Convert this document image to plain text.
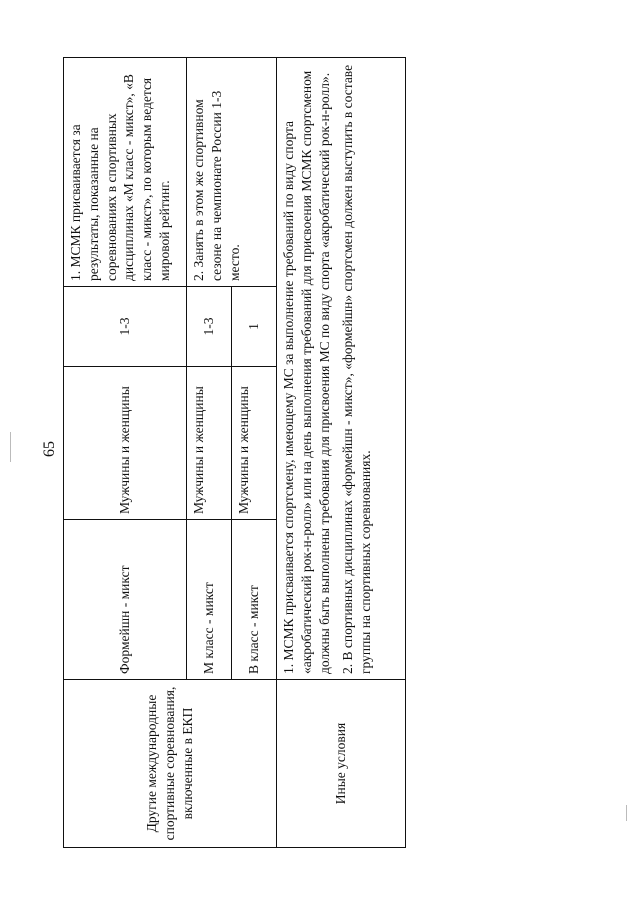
65
Другие международные спортивные соревнования, включенные в ЕКП	Формейшн - микст	Мужчины и женщины	1-3	1. МСМК присваивается за результаты, показанные на соревнованиях в спортивных дисциплинах «М класс - микст», «В класс - микст», по которым ведется мировой рейтинг.
	М класс - микст	Мужчины и женщины	1-3	2. Занять в этом же спортивном сезоне на чемпионате России 1-3 место.
	В класс - микст	Мужчины и женщины	1	
Иные условия	1. МСМК присваивается спортсмену, имеющему МС за выполнение требований по виду спорта «акробатический рок-н-ролл» или на день выполнения требований для присвоения МСМК спортсменом должны быть выполнены требования для присвоения МС по виду спорта «акробатический рок-н-ролл». 2. В спортивных дисциплинах «формейшн - микст», «формейшн» спортсмен должен выступить в составе группы на спортивных соревнованиях.			
